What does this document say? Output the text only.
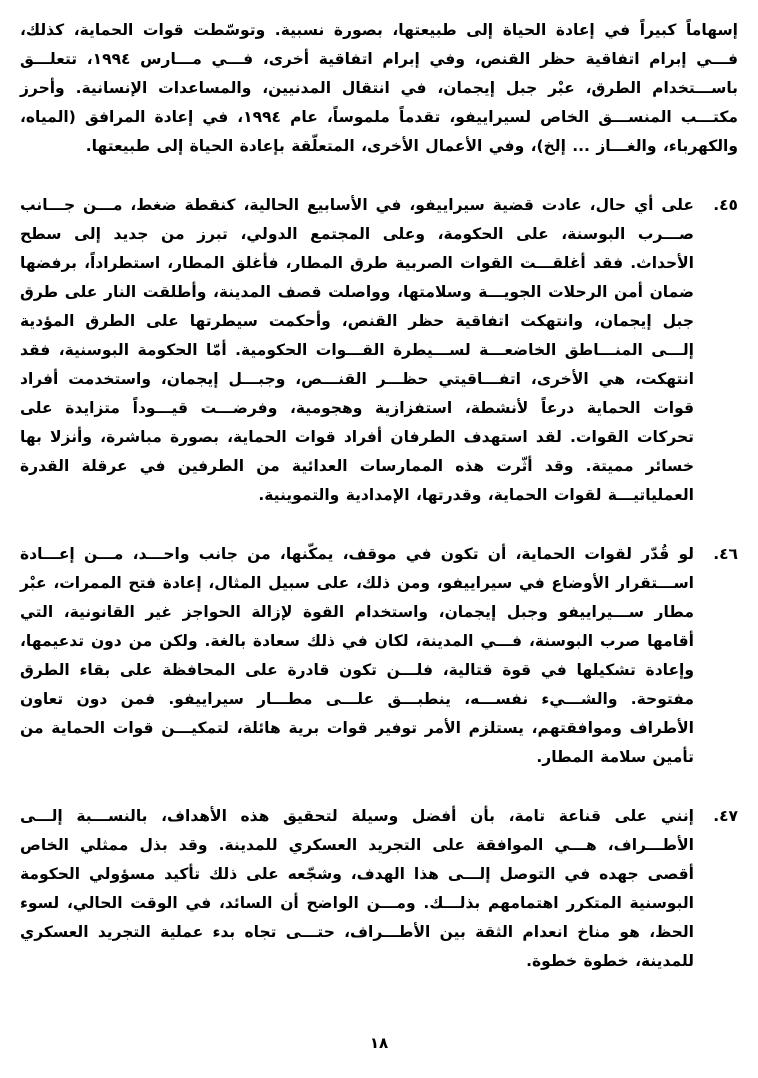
إسهاماً كبيراً في إعادة الحياة إلى طبيعتها، بصورة نسبية. وتوسّطت قوات الحماية، كذلك، فـــي إبرام اتفاقية حظر القنص، وفي إبرام اتفاقية أخرى، فـــي مـــارس ١٩٩٤، تتعلـــق باســـتخدام الطرق، عبْر جبل إيجمان، في انتقال المدنيين، والمساعدات الإنسانية. وأحرز مكتـــب المنســـق الخاص لسيراييفو، تقدماً ملموساً، عام ١٩٩٤، في إعادة المرافق (المياه، والكهرباء، والغـــاز ... إلخ)، وفي الأعمال الأخرى، المتعلّقة بإعادة الحياة إلى طبيعتها.
٤٥.
على أي حال، عادت قضية سيراييفو، في الأسابيع الحالية، كنقطة ضغط، مـــن جـــانب صـــرب البوسنة، على الحكومة، وعلى المجتمع الدولي، تبرز من جديد إلى سطح الأحداث. فقد أغلقـــت القوات الصربية طرق المطار، فأغلق المطار، استطراداً، برفضها ضمان أمن الرحلات الجويـــة وسلامتها، وواصلت قصف المدينة، وأطلقت النار على طرق جبل إيجمان، وانتهكت اتفاقية حظر القنص، وأحكمت سيطرتها على الطرق المؤدية إلـــى المنـــاطق الخاضعـــة لســـيطرة القـــوات الحكومية. أمّا الحكومة البوسنية، فقد انتهكت، هي الأخرى، اتفـــاقيتي حظـــر القنـــص، وجبـــل إيجمان، واستخدمت أفراد قوات الحماية درعاً لأنشطة، استفزازية وهجومية، وفرضـــت قيـــوداً متزايدة على تحركات القوات. لقد استهدف الطرفان أفراد قوات الحماية، بصورة مباشرة، وأنزلا بها خسائر مميتة. وقد أثّرت هذه الممارسات العدائية من الطرفين في عرقلة القدرة العملياتيـــة لقوات الحماية، وقدرتها، الإمدادية والتموينية.
٤٦.
لو قُدّر لقوات الحماية، أن تكون في موقف، يمكّنها، من جانب واحـــد، مـــن إعـــادة اســـتقرار الأوضاع في سيراييفو، ومن ذلك، على سبيل المثال، إعادة فتح الممرات، عبْر مطار ســـيراييفو وجبل إيجمان، واستخدام القوة لإزالة الحواجز غير القانونية، التي أقامها صرب البوسنة، فـــي المدينة، لكان في ذلك سعادة بالغة. ولكن من دون تدعيمها، وإعادة تشكيلها في قوة قتالية، فلـــن تكون قادرة على المحافظة على بقاء الطرق مفتوحة. والشـــيء نفســـه، ينطبـــق علـــى مطـــار سيراييفو. فمن دون تعاون الأطراف وموافقتهم، يستلزم الأمر توفير قوات برية هائلة، لتمكيـــن قوات الحماية من تأمين سلامة المطار.
٤٧.
إنني على قناعة تامة، بأن أفضل وسيلة لتحقيق هذه الأهداف، بالنســـبة إلـــى الأطـــراف، هـــي الموافقة على التجريد العسكري للمدينة. وقد بذل ممثلي الخاص أقصى جهده في التوصل إلـــى هذا الهدف، وشجّعه على ذلك تأكيد مسؤولي الحكومة البوسنية المتكرر اهتمامهم بذلـــك. ومـــن الواضح أن السائد، في الوقت الحالي، لسوء الحظ، هو مناخ انعدام الثقة بين الأطـــراف، حتـــى تجاه بدء عملية التجريد العسكري للمدينة، خطوة خطوة.
١٨
